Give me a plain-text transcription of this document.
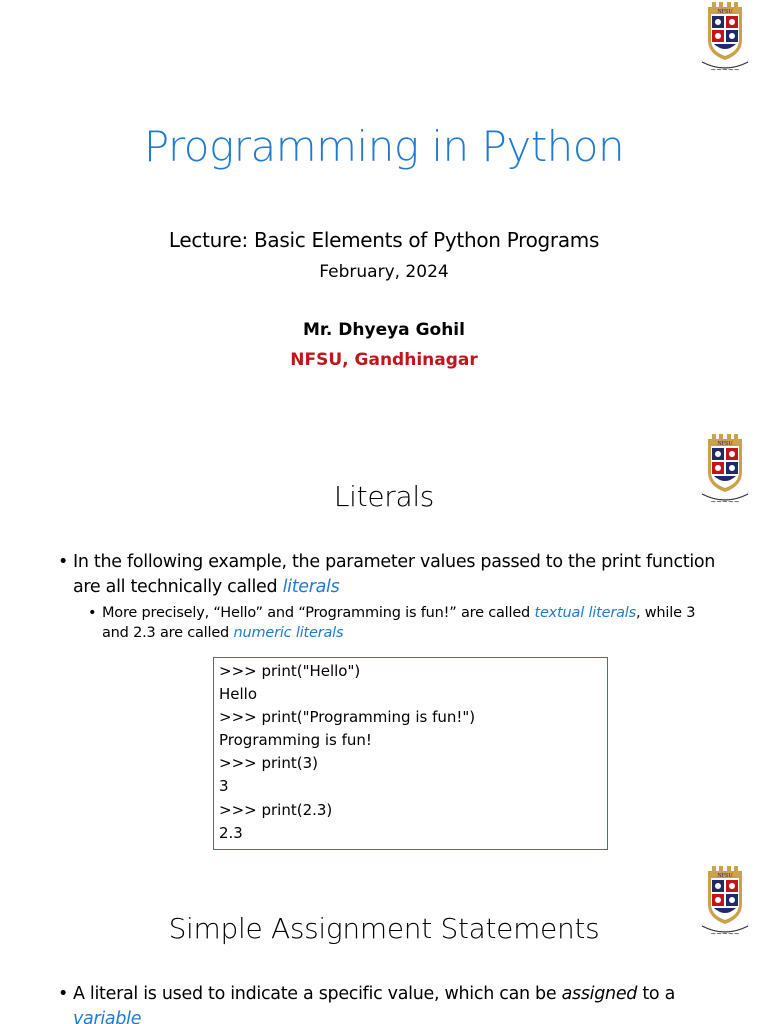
NFSU
~~~~~
Programming in Python
Lecture: Basic Elements of Python Programs
February, 2024
Mr. Dhyeya Gohil
NFSU, Gandhinagar
NFSU
~~~~~
Literals
• In the following example, the parameter values passed to the print function are all technically called literals
• More precisely, “Hello” and “Programming is fun!” are called textual literals, while 3 and 2.3 are called numeric literals
>>> print("Hello")
Hello
>>> print("Programming is fun!")
Programming is fun!
>>> print(3)
3
>>> print(2.3)
2.3
NFSU
~~~~~
Simple Assignment Statements
• A literal is used to indicate a specific value, which can be assigned to a variable
